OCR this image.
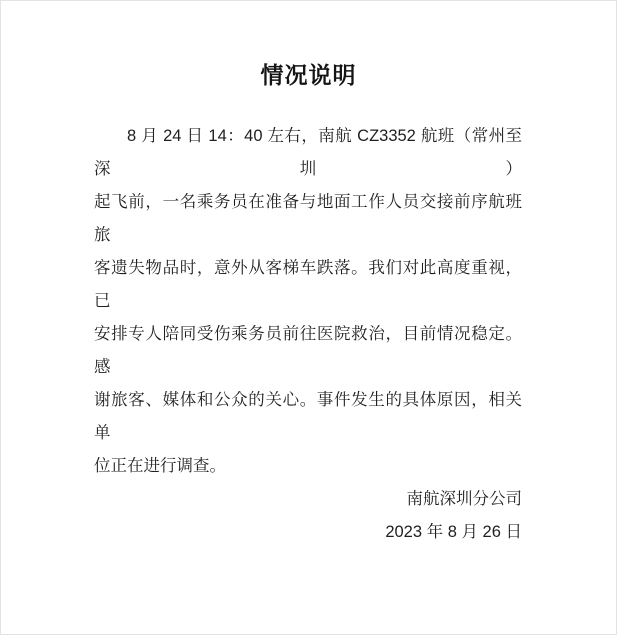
情况说明
8 月 24 日 14：40 左右，南航 CZ3352 航班（常州至深圳）
起飞前，一名乘务员在准备与地面工作人员交接前序航班旅
客遗失物品时，意外从客梯车跌落。我们对此高度重视，已
安排专人陪同受伤乘务员前往医院救治，目前情况稳定。感
谢旅客、媒体和公众的关心。事件发生的具体原因，相关单
位正在进行调查。
南航深圳分公司
2023 年 8 月 26 日
